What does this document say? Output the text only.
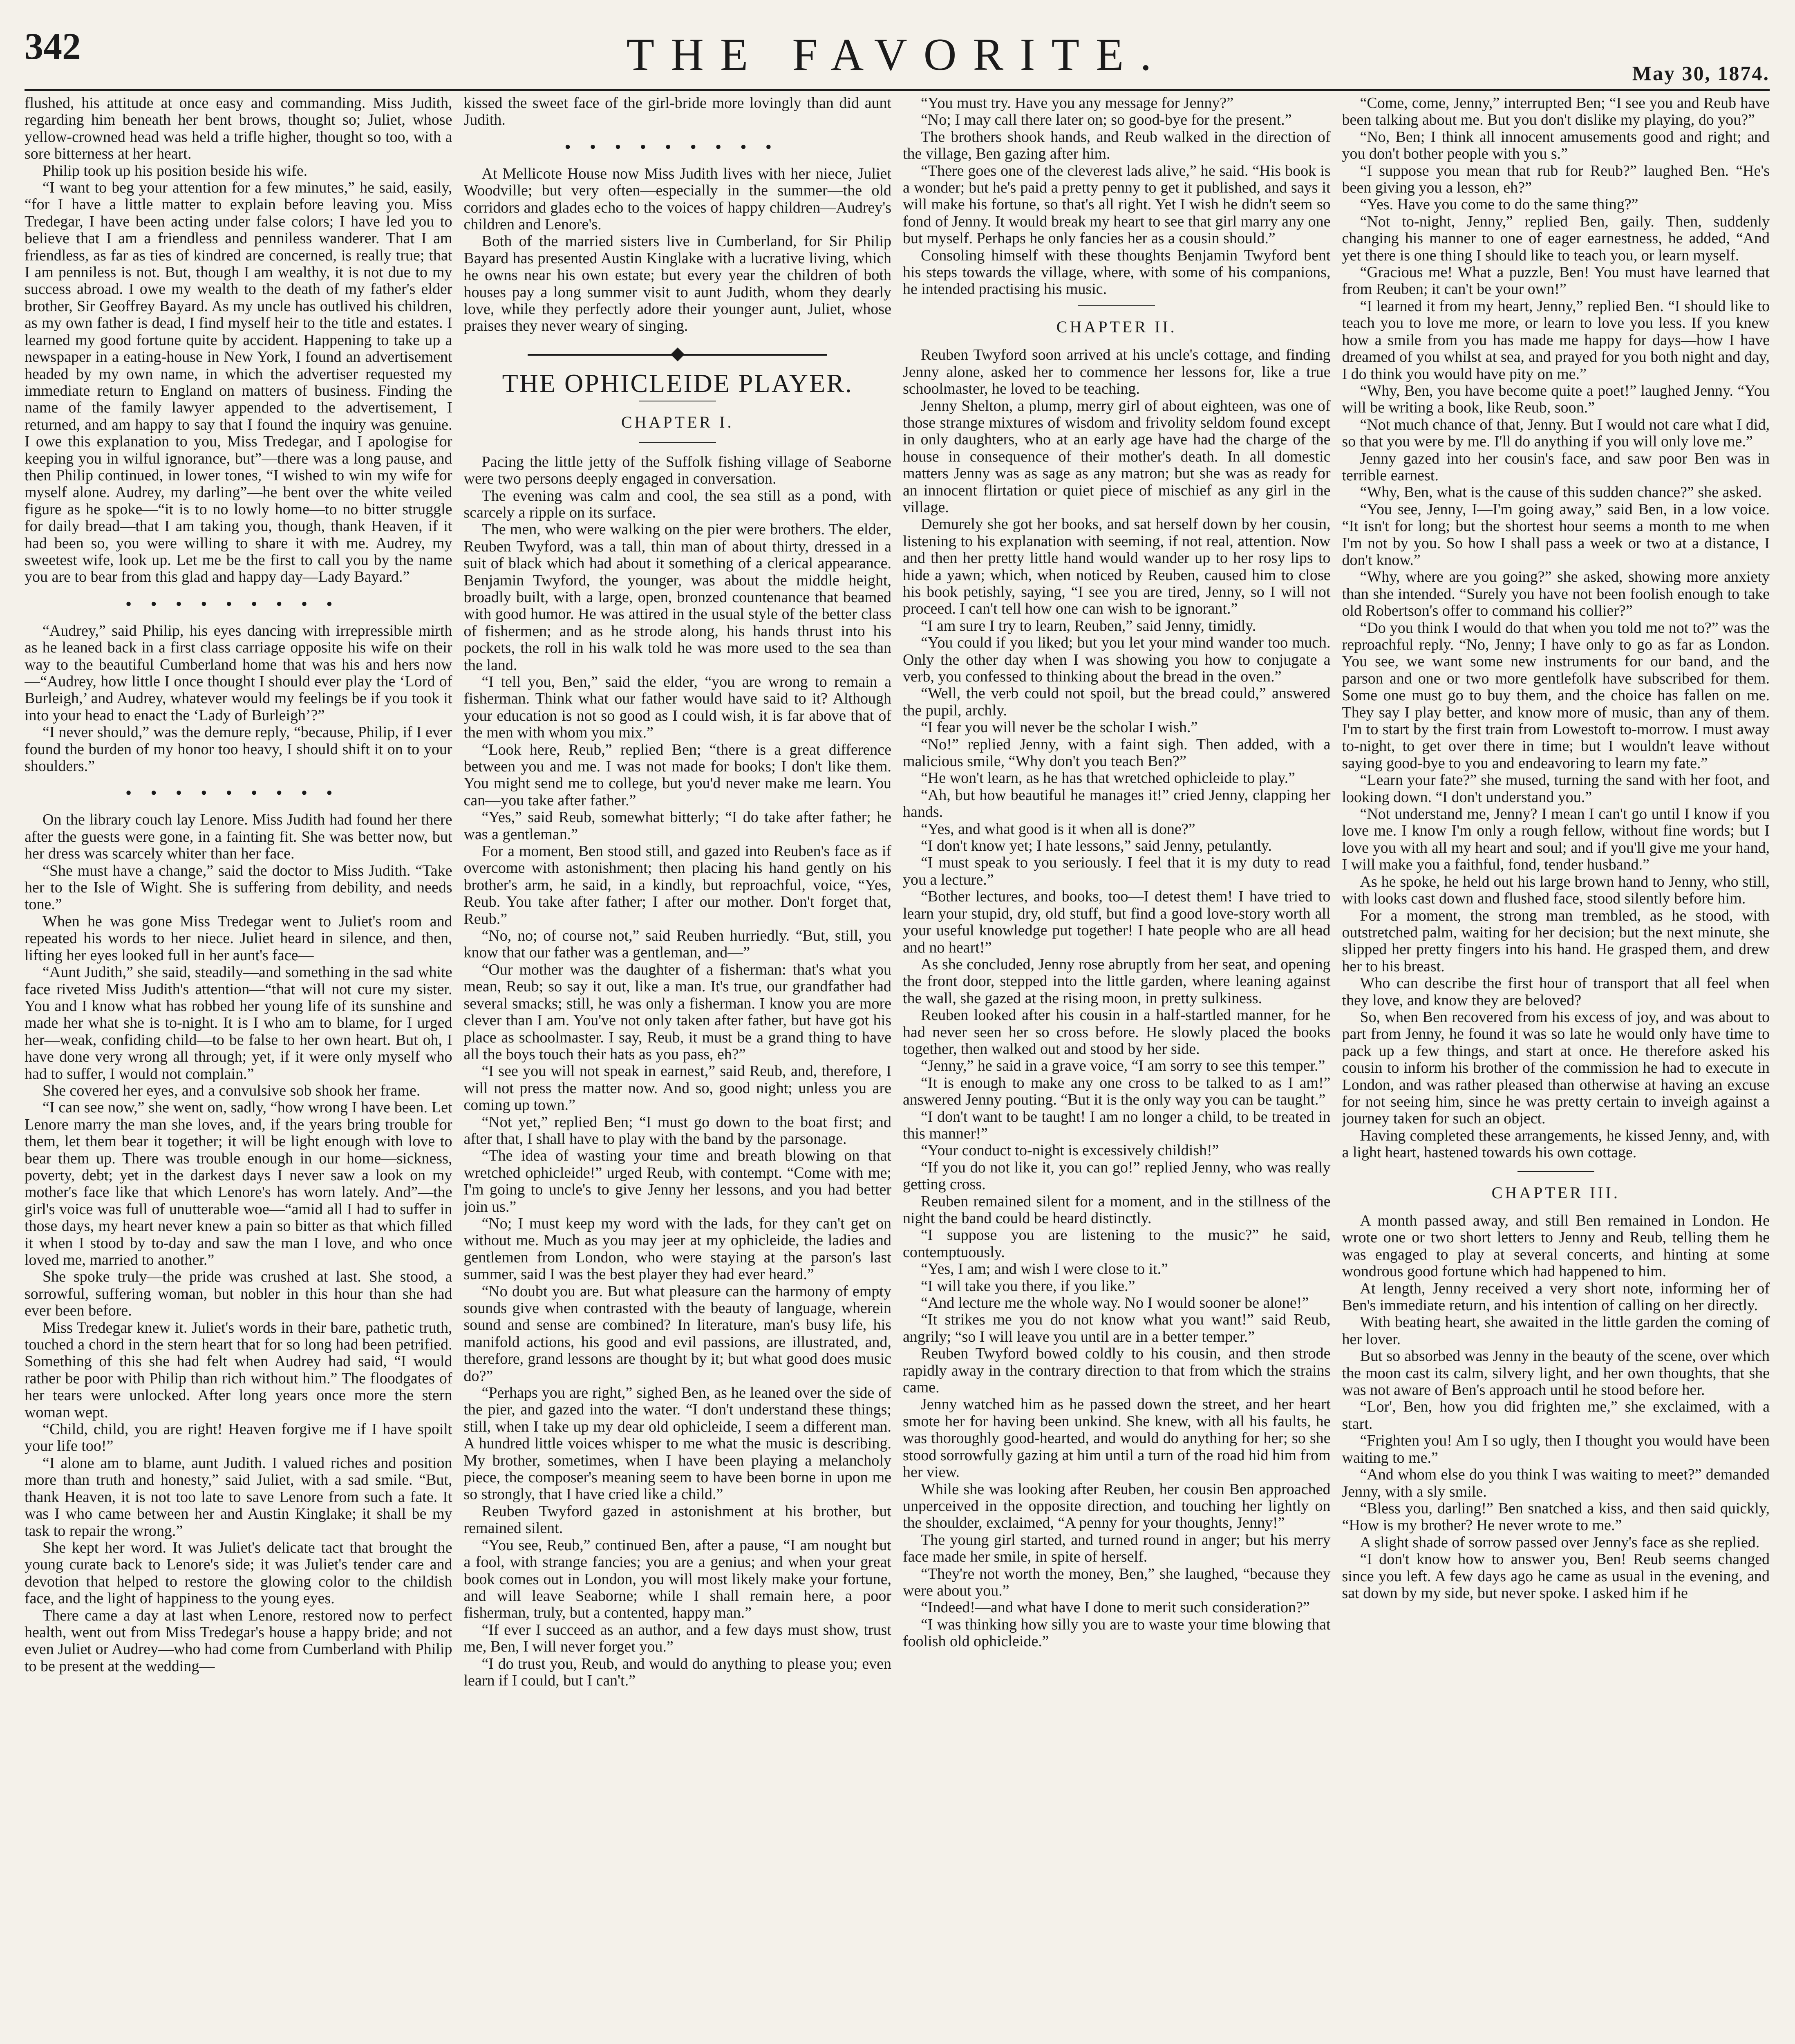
342	THE FAVORITE.	May 30, 1874.

flushed, his attitude at once easy and commanding. Miss Judith, regarding him beneath her bent brows, thought so; Juliet, whose yellow-crowned head was held a trifle higher, thought so too, with a sore bitterness at her heart.

Philip took up his position beside his wife.

“I want to beg your attention for a few minutes,” he said, easily, “for I have a little matter to explain before leaving you. Miss Tredegar, I have been acting under false colors; I have led you to believe that I am a friendless and penniless wanderer. That I am friendless, as far as ties of kindred are concerned, is really true; that I am penniless is not. But, though I am wealthy, it is not due to my success abroad. I owe my wealth to the death of my father's elder brother, Sir Geoffrey Bayard. As my uncle has outlived his children, as my own father is dead, I find myself heir to the title and estates. I learned my good fortune quite by accident. Happening to take up a newspaper in a eating-house in New York, I found an advertisement headed by my own name, in which the advertiser requested my immediate return to England on matters of business. Finding the name of the family lawyer appended to the advertisement, I returned, and am happy to say that I found the inquiry was genuine. I owe this explanation to you, Miss Tredegar, and I apologise for keeping you in wilful ignorance, but”—there was a long pause, and then Philip continued, in lower tones, “I wished to win my wife for myself alone. Audrey, my darling”—he bent over the white veiled figure as he spoke—“it is to no lowly home—to no bitter struggle for daily bread—that I am taking you, though, thank Heaven, if it had been so, you were willing to share it with me. Audrey, my sweetest wife, look up. Let me be the first to call you by the name you are to bear from this glad and happy day—Lady Bayard.”

•••••••••

“Audrey,” said Philip, his eyes dancing with irrepressible mirth as he leaned back in a first class carriage opposite his wife on their way to the beautiful Cumberland home that was his and hers now—“Audrey, how little I once thought I should ever play the ‘Lord of Burleigh,’ and Audrey, whatever would my feelings be if you took it into your head to enact the ‘Lady of Burleigh’?”

“I never should,” was the demure reply, “because, Philip, if I ever found the burden of my honor too heavy, I should shift it on to your shoulders.”

•••••••••

On the library couch lay Lenore. Miss Judith had found her there after the guests were gone, in a fainting fit. She was better now, but her dress was scarcely whiter than her face.

“She must have a change,” said the doctor to Miss Judith. “Take her to the Isle of Wight. She is suffering from debility, and needs tone.”

When he was gone Miss Tredegar went to Juliet's room and repeated his words to her niece. Juliet heard in silence, and then, lifting her eyes looked full in her aunt's face—

“Aunt Judith,” she said, steadily—and something in the sad white face riveted Miss Judith's attention—“that will not cure my sister. You and I know what has robbed her young life of its sunshine and made her what she is to-night. It is I who am to blame, for I urged her—weak, confiding child—to be false to her own heart. But oh, I have done very wrong all through; yet, if it were only myself who had to suffer, I would not complain.”

She covered her eyes, and a convulsive sob shook her frame.

“I can see now,” she went on, sadly, “how wrong I have been. Let Lenore marry the man she loves, and, if the years bring trouble for them, let them bear it together; it will be light enough with love to bear them up. There was trouble enough in our home—sickness, poverty, debt; yet in the darkest days I never saw a look on my mother's face like that which Lenore's has worn lately. And”—the girl's voice was full of unutterable woe—“amid all I had to suffer in those days, my heart never knew a pain so bitter as that which filled it when I stood by to-day and saw the man I love, and who once loved me, married to another.”

She spoke truly—the pride was crushed at last. She stood, a sorrowful, suffering woman, but nobler in this hour than she had ever been before.

Miss Tredegar knew it. Juliet's words in their bare, pathetic truth, touched a chord in the stern heart that for so long had been petrified. Something of this she had felt when Audrey had said, “I would rather be poor with Philip than rich without him.” The floodgates of her tears were unlocked. After long years once more the stern woman wept.

“Child, child, you are right! Heaven forgive me if I have spoilt your life too!”

“I alone am to blame, aunt Judith. I valued riches and position more than truth and honesty,” said Juliet, with a sad smile. “But, thank Heaven, it is not too late to save Lenore from such a fate. It was I who came between her and Austin Kinglake; it shall be my task to repair the wrong.”

She kept her word. It was Juliet's delicate tact that brought the young curate back to Lenore's side; it was Juliet's tender care and devotion that helped to restore the glowing color to the childish face, and the light of happiness to the young eyes.

There came a day at last when Lenore, restored now to perfect health, went out from Miss Tredegar's house a happy bride; and not even Juliet or Audrey—who had come from Cumberland with Philip to be present at the wedding—

kissed the sweet face of the girl-bride more lovingly than did aunt Judith.

•••••••••

At Mellicote House now Miss Judith lives with her niece, Juliet Woodville; but very often—especially in the summer—the old corridors and glades echo to the voices of happy children—Audrey's children and Lenore's.

Both of the married sisters live in Cumberland, for Sir Philip Bayard has presented Austin Kinglake with a lucrative living, which he owns near his own estate; but every year the children of both houses pay a long summer visit to aunt Judith, whom they dearly love, while they perfectly adore their younger aunt, Juliet, whose praises they never weary of singing.

THE OPHICLEIDE PLAYER.
CHAPTER I.

Pacing the little jetty of the Suffolk fishing village of Seaborne were two persons deeply engaged in conversation.

The evening was calm and cool, the sea still as a pond, with scarcely a ripple on its surface.

The men, who were walking on the pier were brothers. The elder, Reuben Twyford, was a tall, thin man of about thirty, dressed in a suit of black which had about it something of a clerical appearance. Benjamin Twyford, the younger, was about the middle height, broadly built, with a large, open, bronzed countenance that beamed with good humor. He was attired in the usual style of the better class of fishermen; and as he strode along, his hands thrust into his pockets, the roll in his walk told he was more used to the sea than the land.

“I tell you, Ben,” said the elder, “you are wrong to remain a fisherman. Think what our father would have said to it? Although your education is not so good as I could wish, it is far above that of the men with whom you mix.”

“Look here, Reub,” replied Ben; “there is a great difference between you and me. I was not made for books; I don't like them. You might send me to college, but you'd never make me learn. You can—you take after father.”

“Yes,” said Reub, somewhat bitterly; “I do take after father; he was a gentleman.”

For a moment, Ben stood still, and gazed into Reuben's face as if overcome with astonishment; then placing his hand gently on his brother's arm, he said, in a kindly, but reproachful, voice, “Yes, Reub. You take after father; I after our mother. Don't forget that, Reub.”

“No, no; of course not,” said Reuben hurriedly. “But, still, you know that our father was a gentleman, and—”

“Our mother was the daughter of a fisherman: that's what you mean, Reub; so say it out, like a man. It's true, our grandfather had several smacks; still, he was only a fisherman. I know you are more clever than I am. You've not only taken after father, but have got his place as schoolmaster. I say, Reub, it must be a grand thing to have all the boys touch their hats as you pass, eh?”

“I see you will not speak in earnest,” said Reub, and, therefore, I will not press the matter now. And so, good night; unless you are coming up town.”

“Not yet,” replied Ben; “I must go down to the boat first; and after that, I shall have to play with the band by the parsonage.

“The idea of wasting your time and breath blowing on that wretched ophicleide!” urged Reub, with contempt. “Come with me; I'm going to uncle's to give Jenny her lessons, and you had better join us.”

“No; I must keep my word with the lads, for they can't get on without me. Much as you may jeer at my ophicleide, the ladies and gentlemen from London, who were staying at the parson's last summer, said I was the best player they had ever heard.”

“No doubt you are. But what pleasure can the harmony of empty sounds give when contrasted with the beauty of language, wherein sound and sense are combined? In literature, man's busy life, his manifold actions, his good and evil passions, are illustrated, and, therefore, grand lessons are thought by it; but what good does music do?”

“Perhaps you are right,” sighed Ben, as he leaned over the side of the pier, and gazed into the water. “I don't understand these things; still, when I take up my dear old ophicleide, I seem a different man. A hundred little voices whisper to me what the music is describing. My brother, sometimes, when I have been playing a melancholy piece, the composer's meaning seem to have been borne in upon me so strongly, that I have cried like a child.”

Reuben Twyford gazed in astonishment at his brother, but remained silent.

“You see, Reub,” continued Ben, after a pause, “I am nought but a fool, with strange fancies; you are a genius; and when your great book comes out in London, you will most likely make your fortune, and will leave Seaborne; while I shall remain here, a poor fisherman, truly, but a contented, happy man.”

“If ever I succeed as an author, and a few days must show, trust me, Ben, I will never forget you.”

“I do trust you, Reub, and would do anything to please you; even learn if I could, but I can't.”

“You must try. Have you any message for Jenny?”

“No; I may call there later on; so good-bye for the present.”

The brothers shook hands, and Reub walked in the direction of the village, Ben gazing after him.

“There goes one of the cleverest lads alive,” he said. “His book is a wonder; but he's paid a pretty penny to get it published, and says it will make his fortune, so that's all right. Yet I wish he didn't seem so fond of Jenny. It would break my heart to see that girl marry any one but myself. Perhaps he only fancies her as a cousin should.”

Consoling himself with these thoughts Benjamin Twyford bent his steps towards the village, where, with some of his companions, he intended practising his music.

CHAPTER II.

Reuben Twyford soon arrived at his uncle's cottage, and finding Jenny alone, asked her to commence her lessons for, like a true schoolmaster, he loved to be teaching.

Jenny Shelton, a plump, merry girl of about eighteen, was one of those strange mixtures of wisdom and frivolity seldom found except in only daughters, who at an early age have had the charge of the house in consequence of their mother's death. In all domestic matters Jenny was as sage as any matron; but she was as ready for an innocent flirtation or quiet piece of mischief as any girl in the village.

Demurely she got her books, and sat herself down by her cousin, listening to his explanation with seeming, if not real, attention. Now and then her pretty little hand would wander up to her rosy lips to hide a yawn; which, when noticed by Reuben, caused him to close his book petishly, saying, “I see you are tired, Jenny, so I will not proceed. I can't tell how one can wish to be ignorant.”

“I am sure I try to learn, Reuben,” said Jenny, timidly.

“You could if you liked; but you let your mind wander too much. Only the other day when I was showing you how to conjugate a verb, you confessed to thinking about the bread in the oven.”

“Well, the verb could not spoil, but the bread could,” answered the pupil, archly.

“I fear you will never be the scholar I wish.”

“No!” replied Jenny, with a faint sigh. Then added, with a malicious smile, “Why don't you teach Ben?”

“He won't learn, as he has that wretched ophicleide to play.”

“Ah, but how beautiful he manages it!” cried Jenny, clapping her hands.

“Yes, and what good is it when all is done?”

“I don't know yet; I hate lessons,” said Jenny, petulantly.

“I must speak to you seriously. I feel that it is my duty to read you a lecture.”

“Bother lectures, and books, too—I detest them! I have tried to learn your stupid, dry, old stuff, but find a good love-story worth all your useful knowledge put together! I hate people who are all head and no heart!”

As she concluded, Jenny rose abruptly from her seat, and opening the front door, stepped into the little garden, where leaning against the wall, she gazed at the rising moon, in pretty sulkiness.

Reuben looked after his cousin in a half-startled manner, for he had never seen her so cross before. He slowly placed the books together, then walked out and stood by her side.

“Jenny,” he said in a grave voice, “I am sorry to see this temper.”

“It is enough to make any one cross to be talked to as I am!” answered Jenny pouting. “But it is the only way you can be taught.”

“I don't want to be taught! I am no longer a child, to be treated in this manner!”

“Your conduct to-night is excessively childish!”

“If you do not like it, you can go!” replied Jenny, who was really getting cross.

Reuben remained silent for a moment, and in the stillness of the night the band could be heard distinctly.

“I suppose you are listening to the music?” he said, contemptuously.

“Yes, I am; and wish I were close to it.”

“I will take you there, if you like.”

“And lecture me the whole way. No I would sooner be alone!”

“It strikes me you do not know what you want!” said Reub, angrily; “so I will leave you until are in a better temper.”

Reuben Twyford bowed coldly to his cousin, and then strode rapidly away in the contrary direction to that from which the strains came.

Jenny watched him as he passed down the street, and her heart smote her for having been unkind. She knew, with all his faults, he was thoroughly good-hearted, and would do anything for her; so she stood sorrowfully gazing at him until a turn of the road hid him from her view.

While she was looking after Reuben, her cousin Ben approached unperceived in the opposite direction, and touching her lightly on the shoulder, exclaimed, “A penny for your thoughts, Jenny!”

The young girl started, and turned round in anger; but his merry face made her smile, in spite of herself.

“They're not worth the money, Ben,” she laughed, “because they were about you.”

“Indeed!—and what have I done to merit such consideration?”

“I was thinking how silly you are to waste your time blowing that foolish old ophicleide.”

“Come, come, Jenny,” interrupted Ben; “I see you and Reub have been talking about me. But you don't dislike my playing, do you?”

“No, Ben; I think all innocent amusements good and right; and you don't bother people with you s.”

“I suppose you mean that rub for Reub?” laughed Ben. “He's been giving you a lesson, eh?”

“Yes. Have you come to do the same thing?”

“Not to-night, Jenny,” replied Ben, gaily. Then, suddenly changing his manner to one of eager earnestness, he added, “And yet there is one thing I should like to teach you, or learn myself.

“Gracious me! What a puzzle, Ben! You must have learned that from Reuben; it can't be your own!”

“I learned it from my heart, Jenny,” replied Ben. “I should like to teach you to love me more, or learn to love you less. If you knew how a smile from you has made me happy for days—how I have dreamed of you whilst at sea, and prayed for you both night and day, I do think you would have pity on me.”

“Why, Ben, you have become quite a poet!” laughed Jenny. “You will be writing a book, like Reub, soon.”

“Not much chance of that, Jenny. But I would not care what I did, so that you were by me. I'll do anything if you will only love me.”

Jenny gazed into her cousin's face, and saw poor Ben was in terrible earnest.

“Why, Ben, what is the cause of this sudden chance?” she asked.

“You see, Jenny, I—I'm going away,” said Ben, in a low voice. “It isn't for long; but the shortest hour seems a month to me when I'm not by you. So how I shall pass a week or two at a distance, I don't know.”

“Why, where are you going?” she asked, showing more anxiety than she intended. “Surely you have not been foolish enough to take old Robertson's offer to command his collier?”

“Do you think I would do that when you told me not to?” was the reproachful reply. “No, Jenny; I have only to go as far as London. You see, we want some new instruments for our band, and the parson and one or two more gentlefolk have subscribed for them. Some one must go to buy them, and the choice has fallen on me. They say I play better, and know more of music, than any of them. I'm to start by the first train from Lowestoft to-morrow. I must away to-night, to get over there in time; but I wouldn't leave without saying good-bye to you and endeavoring to learn my fate.”

“Learn your fate?” she mused, turning the sand with her foot, and looking down. “I don't understand you.”

“Not understand me, Jenny? I mean I can't go until I know if you love me. I know I'm only a rough fellow, without fine words; but I love you with all my heart and soul; and if you'll give me your hand, I will make you a faithful, fond, tender husband.”

As he spoke, he held out his large brown hand to Jenny, who still, with looks cast down and flushed face, stood silently before him.

For a moment, the strong man trembled, as he stood, with outstretched palm, waiting for her decision; but the next minute, she slipped her pretty fingers into his hand. He grasped them, and drew her to his breast.

Who can describe the first hour of transport that all feel when they love, and know they are beloved?

So, when Ben recovered from his excess of joy, and was about to part from Jenny, he found it was so late he would only have time to pack up a few things, and start at once. He therefore asked his cousin to inform his brother of the commission he had to execute in London, and was rather pleased than otherwise at having an excuse for not seeing him, since he was pretty certain to inveigh against a journey taken for such an object.

Having completed these arrangements, he kissed Jenny, and, with a light heart, hastened towards his own cottage.

CHAPTER III.

A month passed away, and still Ben remained in London. He wrote one or two short letters to Jenny and Reub, telling them he was engaged to play at several concerts, and hinting at some wondrous good fortune which had happened to him.

At length, Jenny received a very short note, informing her of Ben's immediate return, and his intention of calling on her directly.

With beating heart, she awaited in the little garden the coming of her lover.

But so absorbed was Jenny in the beauty of the scene, over which the moon cast its calm, silvery light, and her own thoughts, that she was not aware of Ben's approach until he stood before her.

“Lor', Ben, how you did frighten me,” she exclaimed, with a start.

“Frighten you! Am I so ugly, then I thought you would have been waiting to me.”

“And whom else do you think I was waiting to meet?” demanded Jenny, with a sly smile.

“Bless you, darling!” Ben snatched a kiss, and then said quickly, “How is my brother? He never wrote to me.”

A slight shade of sorrow passed over Jenny's face as she replied.

“I don't know how to answer you, Ben! Reub seems changed since you left. A few days ago he came as usual in the evening, and sat down by my side, but never spoke. I asked him if he
